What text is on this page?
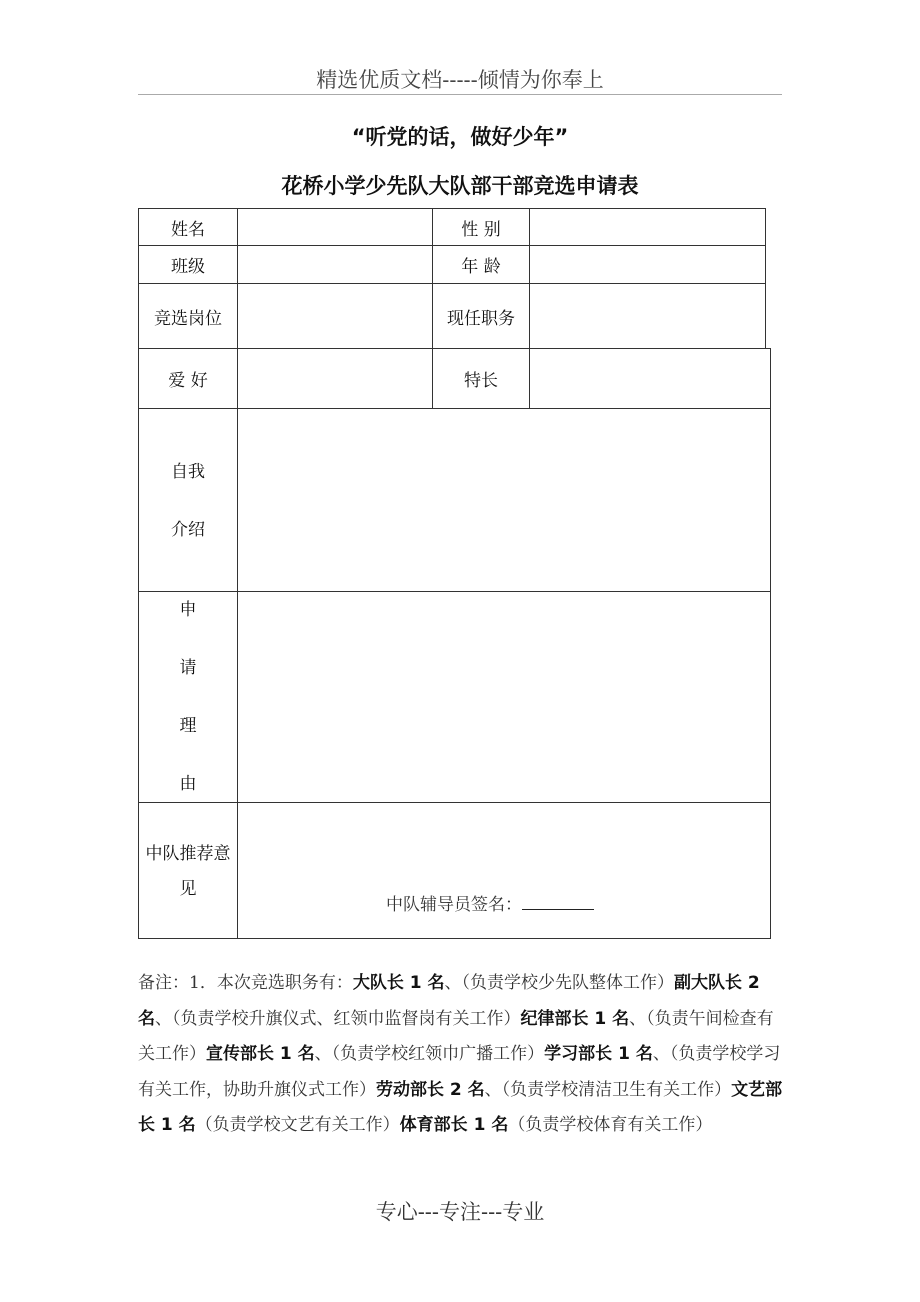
精选优质文档-----倾情为你奉上
“听党的话，做好少年”
花桥小学少先队大队部干部竞选申请表
姓名	性 别
班级	年 龄
竞选岗位	现任职务
爱 好	特长
自我
介绍
申
请
理
由
中队推荐意
见
中队辅导员签名：
备注：1．本次竞选职务有：大队长 1 名、（负责学校少先队整体工作）副大队长 2 名、（负责学校升旗仪式、红领巾监督岗有关工作）纪律部长 1 名、（负责午间检查有关工作）宣传部长 1 名、（负责学校红领巾广播工作）学习部长 1 名、（负责学校学习有关工作，协助升旗仪式工作）劳动部长 2 名、（负责学校清洁卫生有关工作）文艺部长 1 名（负责学校文艺有关工作）体育部长 1 名（负责学校体育有关工作）
专心---专注---专业
